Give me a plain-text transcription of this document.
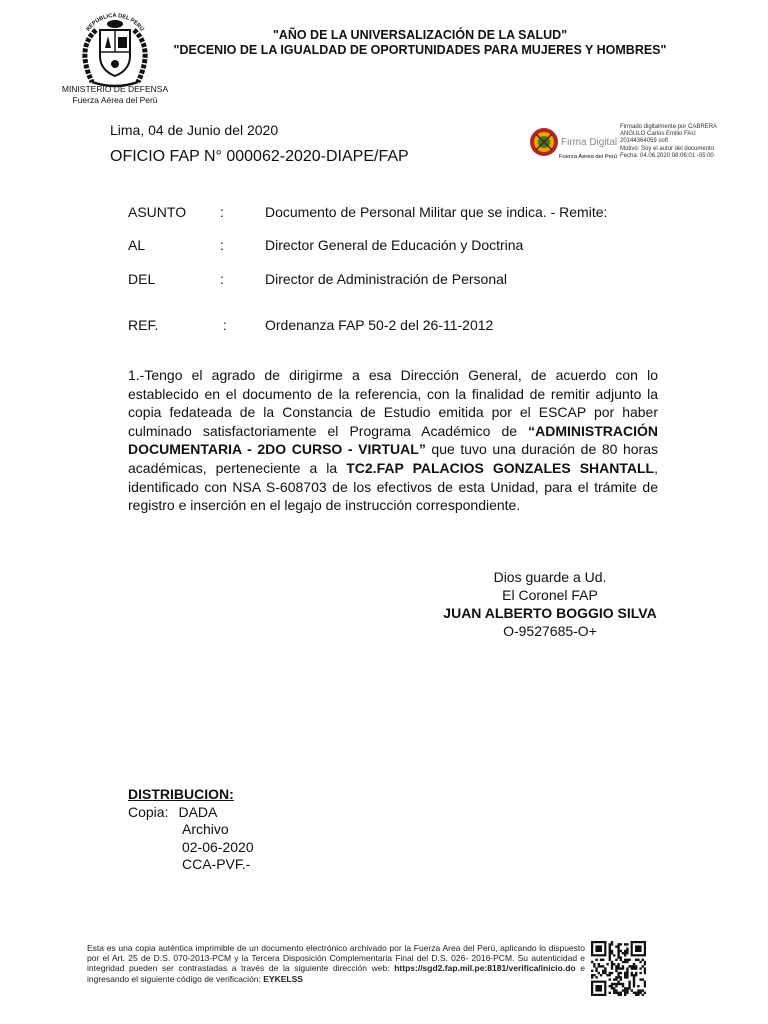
REPÚBLICA DEL PERÚ
MINISTERIO DE DEFENSA
Fuerza Aérea del Perú
"AÑO DE LA UNIVERSALIZACIÓN DE LA SALUD"
"DECENIO DE LA IGUALDAD DE OPORTUNIDADES PARA MUJERES Y HOMBRES"
Lima, 04 de Junio del 2020
OFICIO FAP N° 000062-2020-DIAPE/FAP
Firma Digital
Fuerza Aérea del Perú
Firmado digitalmente por CABRERA
ANGULO Carlos Emilio FAU
20144364059 soft
Motivo: Soy el autor del documento
Fecha: 04.06.2020 08:06:01 -05:00
ASUNTO :	Documento de Personal Militar que se indica. - Remite:
AL	:	Director General de Educación y Doctrina
DEL	:	Director de Administración de Personal
REF.	:	Ordenanza FAP 50-2 del 26-11-2012
1.-Tengo el agrado de dirigirme a esa Dirección General, de acuerdo con lo establecido en el documento de la referencia, con la finalidad de remitir adjunto la copia fedateada de la Constancia de Estudio emitida por el ESCAP por haber culminado satisfactoriamente el Programa Académico de “ADMINISTRACIÓN DOCUMENTARIA - 2DO CURSO - VIRTUAL” que tuvo una duración de 80 horas académicas, perteneciente a la TC2.FAP PALACIOS GONZALES SHANTALL, identificado con NSA S-608703 de los efectivos de esta Unidad, para el trámite de registro e inserción en el legajo de instrucción correspondiente.
Dios guarde a Ud.
El Coronel FAP
JUAN ALBERTO BOGGIO SILVA
O-9527685-O+
DISTRIBUCION:
Copia: DADA
Archivo
02-06-2020
CCA-PVF.-
Esta es una copia auténtica imprimible de un documento electrónico archivado por la Fuerza Area del Perú, aplicando lo dispuesto por el Art. 25 de D.S. 070-2013-PCM y la Tercera Disposición Complementaria Final del D.S. 026- 2016-PCM. Su autenticidad e integridad pueden ser contrastadas a través de la siguiente dirección web: https://sgd2.fap.mil.pe:8181/verifica/inicio.do e ingresando el siguiente código de verificación: EYKELSS
